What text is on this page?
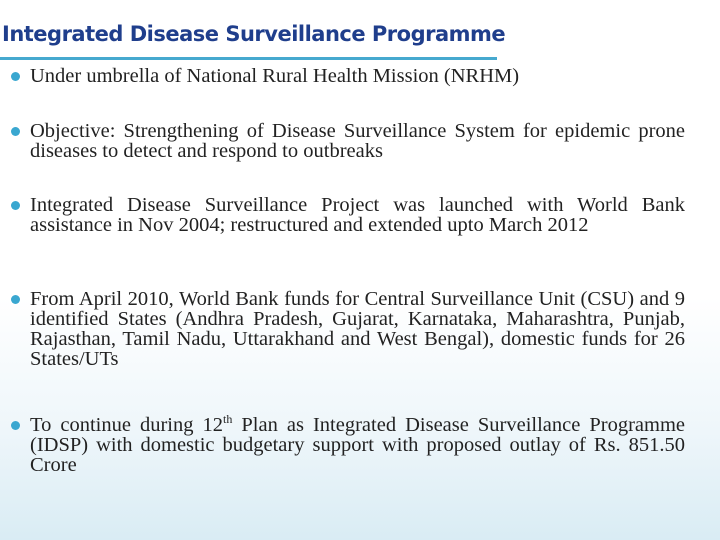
Integrated Disease Surveillance Programme
Under umbrella of National Rural Health Mission (NRHM)
Objective: Strengthening of Disease Surveillance System for epidemic prone diseases to detect and respond to outbreaks
Integrated Disease Surveillance Project was launched with World Bank assistance in Nov 2004; restructured and extended upto March 2012
From April 2010, World Bank funds for Central Surveillance Unit (CSU) and 9 identified States (Andhra Pradesh, Gujarat, Karnataka, Maharashtra, Punjab, Rajasthan, Tamil Nadu, Uttarakhand and West Bengal), domestic funds for 26 States/UTs
To continue during 12th Plan as Integrated Disease Surveillance Programme (IDSP) with domestic budgetary support with proposed outlay of Rs. 851.50 Crore
